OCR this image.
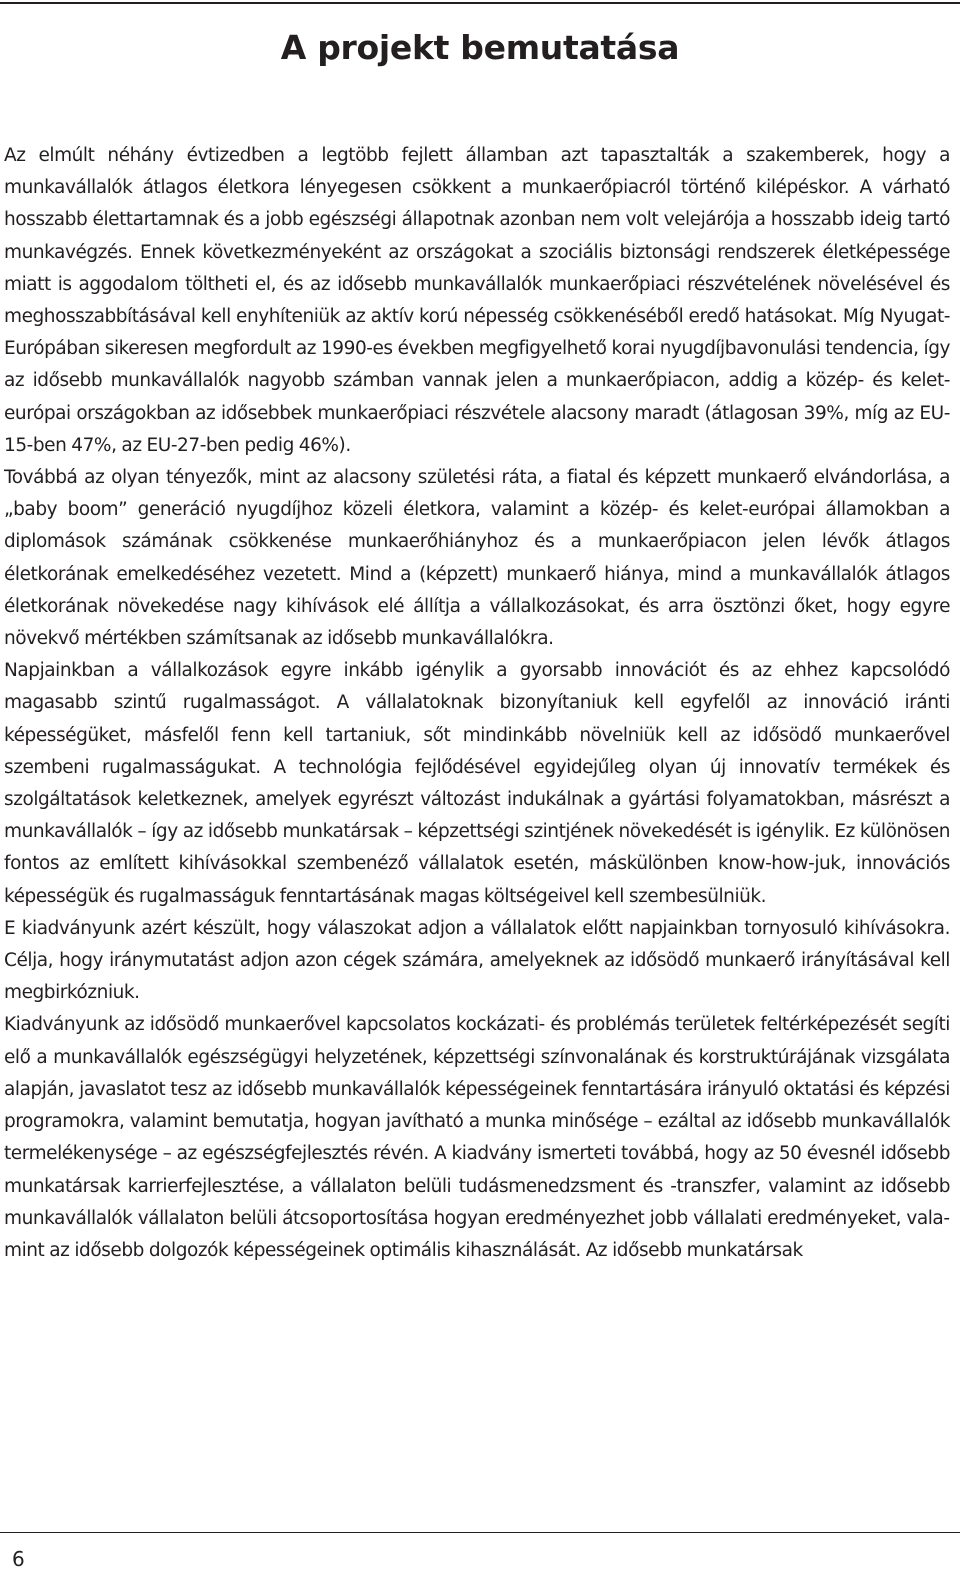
A projekt bemutatása

Az elmúlt néhány évtizedben a legtöbb fejlett államban azt tapasztalták a szakemberek, hogy a munkavállalók átlagos életkora lényegesen csökkent a munkaerőpiacról történő kilépéskor. A várható hosszabb élettartamnak és a jobb egészségi állapotnak azonban nem volt velejárója a hosszabb ideig tartó munkavégzés. Ennek következményeként az országokat a szociális biztonsági rendszerek életképessége miatt is aggodalom töltheti el, és az idősebb munkavállalók munkaerőpiaci részvételének növelésével és meghosszabbításával kell enyhíteniük az aktív korú népesség csökkenéséből eredő hatásokat. Míg Nyugat-Európában sikeresen megfordult az 1990-es években megfigyelhető korai nyugdíjbavonulási tendencia, így az idősebb munkavállalók nagyobb számban vannak jelen a munkaerőpiacon, addig a közép- és kelet-európai országokban az idősebbek munkaerőpiaci részvétele alacsony maradt (átlagosan 39%, míg az EU-15-ben 47%, az EU-27-ben pedig 46%).

Továbbá az olyan tényezők, mint az alacsony születési ráta, a fiatal és képzett munkaerő elvándorlása, a „baby boom” generáció nyugdíjhoz közeli életkora, valamint a közép- és kelet-európai államokban a diplomások számának csökkenése munkaerőhiányhoz és a munkaerőpiacon jelen lévők átlagos életkorának emelkedéséhez vezetett. Mind a (képzett) munkaerő hiánya, mind a munkavállalók átlagos életkorának növekedése nagy kihívások elé állítja a vállalkozásokat, és arra ösztönzi őket, hogy egyre növekvő mértékben számítsanak az idősebb munkavállalókra.

Napjainkban a vállalkozások egyre inkább igénylik a gyorsabb innovációt és az ehhez kapcsolódó magasabb szintű rugalmasságot. A vállalatoknak bizonyítaniuk kell egyfelől az innováció iránti képességüket, másfelől fenn kell tartaniuk, sőt mindinkább növelniük kell az idősödő munkaerővel szembeni rugalmasságukat. A technológia fejlődésével egyidejűleg olyan új innovatív termékek és szolgáltatások keletkeznek, amelyek egyrészt változást indukálnak a gyártási folyamatokban, másrészt a munkavállalók – így az idősebb munkatársak – képzettségi szintjének növekedését is igénylik. Ez különösen fontos az említett kihívásokkal szembenéző vállalatok esetén, máskülönben know-how-juk, innovációs képességük és rugalmasságuk fenntartásának magas költségeivel kell szembesülniük.

E kiadványunk azért készült, hogy válaszokat adjon a vállalatok előtt napjainkban tornyosuló kihívásokra. Célja, hogy iránymutatást adjon azon cégek számára, amelyeknek az idősödő munkaerő irányításával kell megbirkózniuk.

Kiadványunk az idősödő munkaerővel kapcsolatos kockázati- és problémás területek feltérképezését segíti elő a munkavállalók egészségügyi helyzetének, képzettségi színvonalának és korstruktúrájának vizsgálata alapján, javaslatot tesz az idősebb munkavállalók képességeinek fenntartására irányuló oktatási és képzési programokra, valamint bemutatja, hogyan javítható a munka minősége – ezáltal az idősebb munkavállalók termelékenysége – az egészségfejlesztés révén. A kiadvány ismerteti továbbá, hogy az 50 évesnél idősebb munkatársak karrierfejlesztése, a vállalaton belüli tudásmenedzsment és -transzfer, valamint az idősebb munkavállalók vállalaton belüli átcsoportosítása hogyan eredményezhet jobb vállalati eredményeket, valamint az idősebb dolgozók képességeinek optimális kihasználását. Az idősebb munkatársak

6
